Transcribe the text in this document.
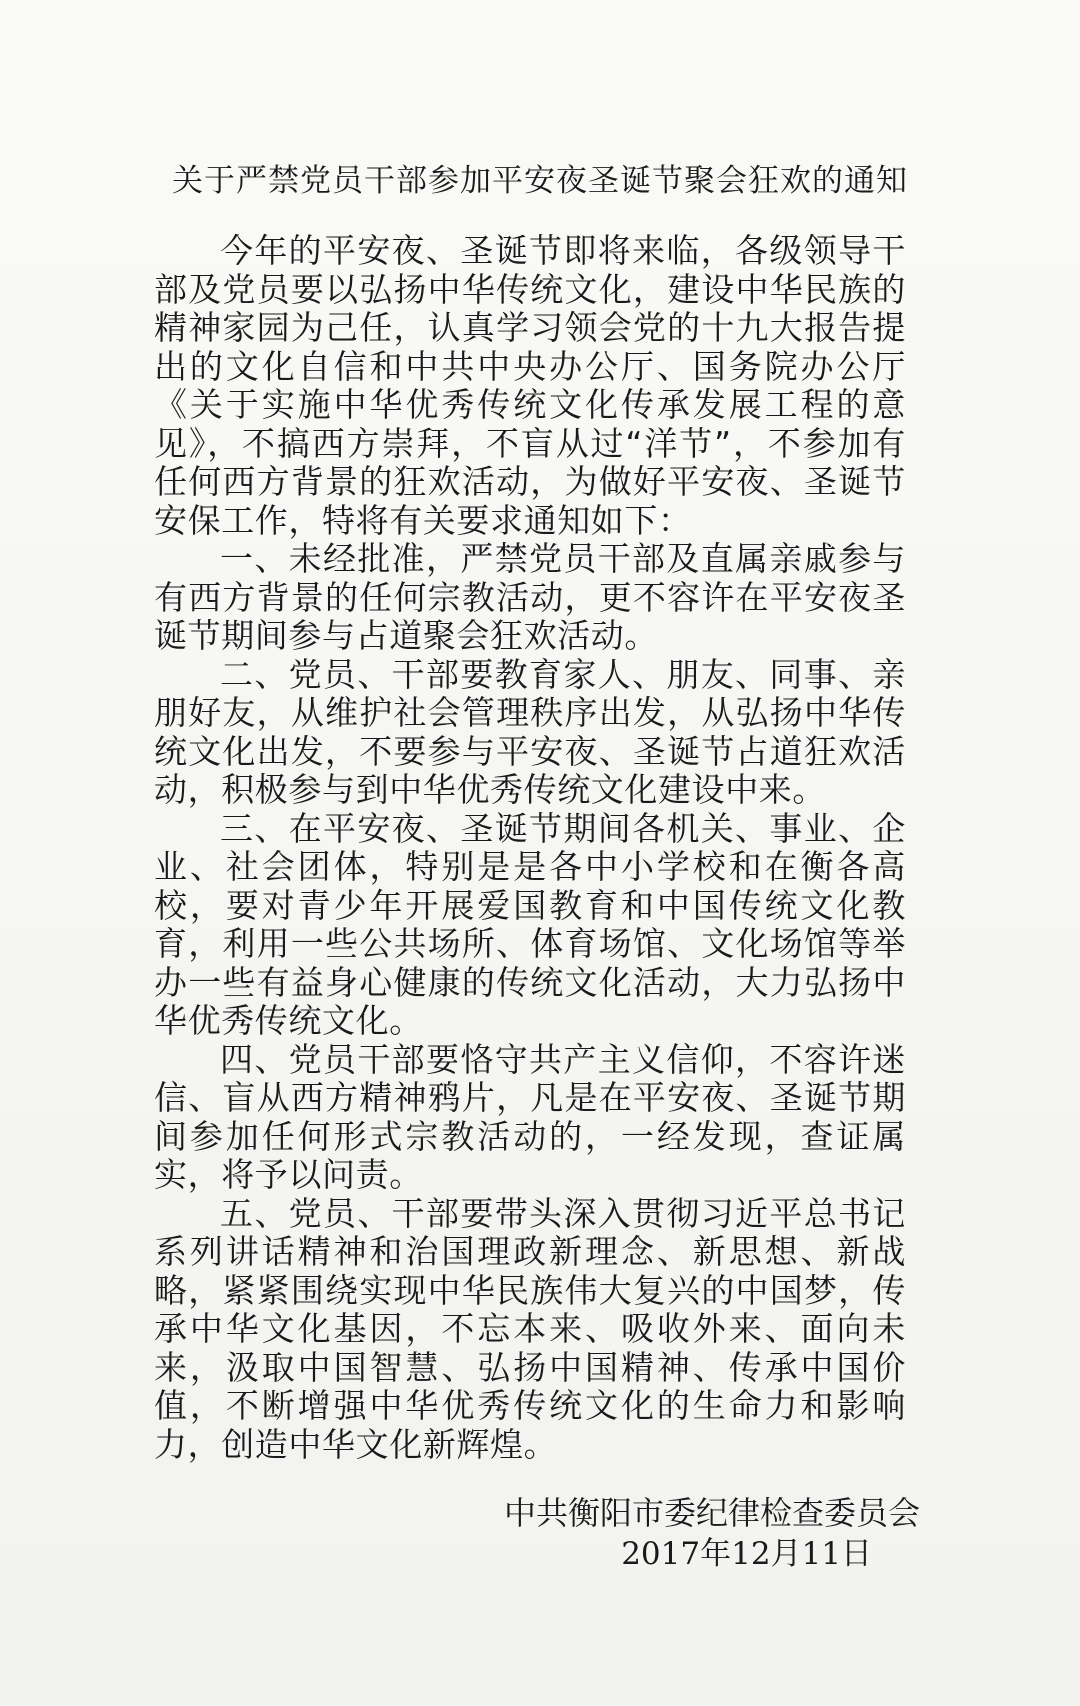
关于严禁党员干部参加平安夜圣诞节聚会狂欢的通知

今年的平安夜、圣诞节即将来临，各级领导干部及党员要以弘扬中华传统文化，建设中华民族的精神家园为己任，认真学习领会党的十九大报告提出的文化自信和中共中央办公厅、国务院办公厅《关于实施中华优秀传统文化传承发展工程的意见》，不搞西方崇拜，不盲从过“洋节”，不参加有任何西方背景的狂欢活动，为做好平安夜、圣诞节安保工作，特将有关要求通知如下：

一、未经批准，严禁党员干部及直属亲戚参与有西方背景的任何宗教活动，更不容许在平安夜圣诞节期间参与占道聚会狂欢活动。

二、党员、干部要教育家人、朋友、同事、亲朋好友，从维护社会管理秩序出发，从弘扬中华传统文化出发，不要参与平安夜、圣诞节占道狂欢活动，积极参与到中华优秀传统文化建设中来。

三、在平安夜、圣诞节期间各机关、事业、企业、社会团体，特别是是各中小学校和在衡各高校，要对青少年开展爱国教育和中国传统文化教育，利用一些公共场所、体育场馆、文化场馆等举办一些有益身心健康的传统文化活动，大力弘扬中华优秀传统文化。

四、党员干部要恪守共产主义信仰，不容许迷信、盲从西方精神鸦片，凡是在平安夜、圣诞节期间参加任何形式宗教活动的，一经发现，查证属实，将予以问责。

五、党员、干部要带头深入贯彻习近平总书记系列讲话精神和治国理政新理念、新思想、新战略，紧紧围绕实现中华民族伟大复兴的中国梦，传承中华文化基因，不忘本来、吸收外来、面向未来，汲取中国智慧、弘扬中国精神、传承中国价值，不断增强中华优秀传统文化的生命力和影响力，创造中华文化新辉煌。

中共衡阳市委纪律检查委员会
2017年12月11日
